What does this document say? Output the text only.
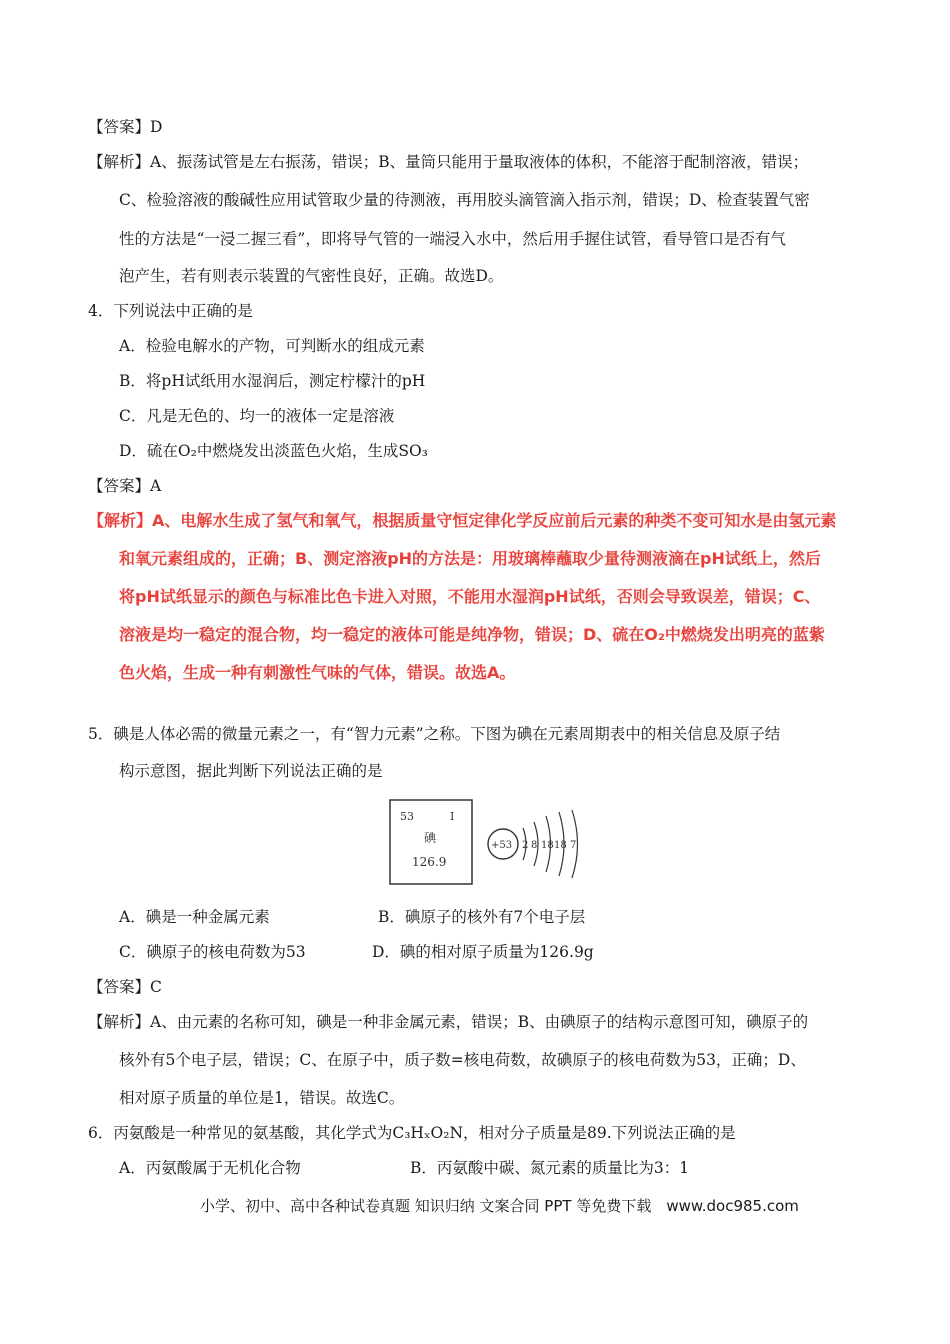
【答案】D
【解析】A、振荡试管是左右振荡，错误；B、量筒只能用于量取液体的体积，不能溶于配制溶液，错误；
C、检验溶液的酸碱性应用试管取少量的待测液，再用胶头滴管滴入指示剂，错误；D、检查装置气密
性的方法是“一浸二握三看”，即将导气管的一端浸入水中，然后用手握住试管，看导管口是否有气
泡产生，若有则表示装置的气密性良好，正确。故选D。
4．下列说法中正确的是
A．检验电解水的产物，可判断水的组成元素
B．将pH试纸用水湿润后，测定柠檬汁的pH
C．凡是无色的、均一的液体一定是溶液
D．硫在O₂中燃烧发出淡蓝色火焰，生成SO₃
【答案】A
【解析】A、电解水生成了氢气和氧气，根据质量守恒定律化学反应前后元素的种类不变可知水是由氢元素
和氧元素组成的，正确；B、测定溶液pH的方法是：用玻璃棒蘸取少量待测液滴在pH试纸上，然后
将pH试纸显示的颜色与标准比色卡进入对照，不能用水湿润pH试纸，否则会导致误差，错误；C、
溶液是均一稳定的混合物，均一稳定的液体可能是纯净物，错误；D、硫在O₂中燃烧发出明亮的蓝紫
色火焰，生成一种有刺激性气味的气体，错误。故选A。
5．碘是人体必需的微量元素之一，有“智力元素”之称。下图为碘在元素周期表中的相关信息及原子结
构示意图，据此判断下列说法正确的是
53	I
碘
126.9
+53 2 8 18 18 7
A．碘是一种金属元素	B．碘原子的核外有7个电子层
C．碘原子的核电荷数为53	D．碘的相对原子质量为126.9g
【答案】C
【解析】A、由元素的名称可知，碘是一种非金属元素，错误；B、由碘原子的结构示意图可知，碘原子的
核外有5个电子层，错误；C、在原子中，质子数=核电荷数，故碘原子的核电荷数为53，正确；D、
相对原子质量的单位是1，错误。故选C。
6．丙氨酸是一种常见的氨基酸，其化学式为C₃HₓO₂N，相对分子质量是89.下列说法正确的是
A．丙氨酸属于无机化合物	B．丙氨酸中碳、氮元素的质量比为3：1
小学、初中、高中各种试卷真题 知识归纳 文案合同 PPT 等免费下载　www.doc985.com
